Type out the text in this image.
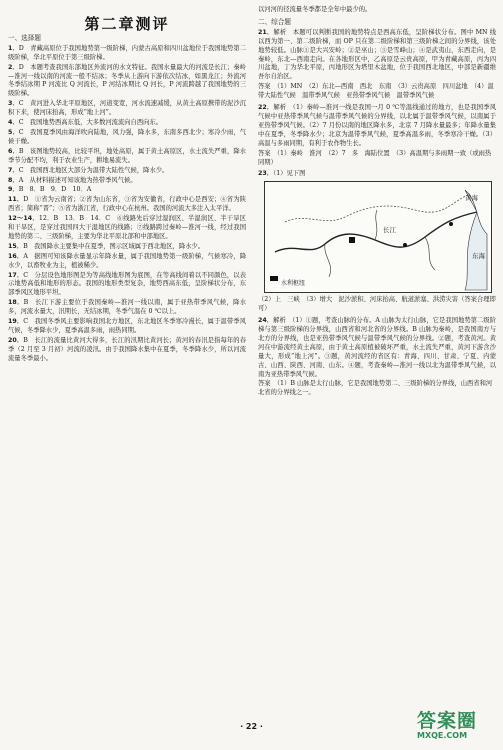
第二章测评
一、选择题
1．D　青藏高原位于我国地势第一级阶梯，内蒙古高原和四川盆地位于我国地势第二级阶梯，华北平原位于第三级阶梯。
2．D　本题考查我国东部地区外流河的水文特征。我国水量最大的河流是长江；秦岭—淮河一线以南的河流一般不结冰；冬季从上游向下游依次结冰，如黑龙江；外流河冬季结冰期 P 河流比 Q 河流长，P 河结冰期比 Q 河长，P 河流跨越了我国地势的三级阶梯。
3．C　黄河进入华北平原地区，河道变宽，河水流速减缓，从黄土高原携带的泥沙沉积下来，使河床抬高，形成“地上河”。
4．C　我国地势西高东低，大多数河流流向自西向东。
5．C　我国夏季风由海洋吹向陆地，风力强，降水多，东南多西北少；寒冷少雨，气候干燥。
6．B　该图地势较高，比较平坦，地处高原，属于黄土高原区，水土流失严重，降水季节分配不均，利于农业生产，耕地易流失。
7．C　我国西北地区大部分为温带大陆性气候，降水少。
8．A　从材料描述可知该地为热带季风气候。
9．B　8．B　9．D　10．A
11．D　①省为云南省；②省为山东省，③省为安徽省，行政中心是西安；④省为陕西省；简称“晋”；⑤省为浙江省，行政中心在杭州。我国的河流大多注入太平洋。
12～14．12．B　13．B　14．C　⑥线路先后穿过湿润区、半湿润区、半干旱区和干旱区，是穿过我国四大干湿地区的线路；⑦线路跨过秦岭—淮河一线，经过我国地势的第二、三级阶梯，主要为华北平原北部和中部地区。
15．B　我国降水主要集中在夏季，图示区域属于西北地区，降水少。
16．A　据图可知该降水量显示年降水量，属于我国地势第一级阶梯，气候寒冷，降水少，以畜牧业为主，植被稀少。
17．C　分层设色地形图是为等高线地形图为底图，在等高线间着以不同颜色，以表示地势高低和地形的形态。我国的地形类型复杂，地势西高东低，呈阶梯状分布，东部季风区地形平坦。
18．B　长江下游主要位于我国秦岭—淮河一线以南，属于亚热带季风气候，降水多，河流水量大，汛期长，无结冰期，冬季气温在 0 ℃以上。
19．C　我国冬季风主要影响我国北方地区，东北地区冬季寒冷漫长，属于温带季风气候，冬季降水少，夏季高温多雨，雨热同期。
20．B　长江的流量比黄河大得多，长江的汛期比黄河长；黄河的春汛是指每年的春季（2 月至 3 月初）河流的凌汛。由于我国降水集中在夏季，冬季降水少，所以河流流量冬季最小。
以河河的径流量冬季都是全年中最少的。
二、综合题
21．解析　本题可以判断我国的地势特点是西高东低，呈阶梯状分布。图中 MN 线以西为第一、第二级阶梯，而 OP 只在第二级阶梯和第三级阶梯之间的分界线，该处地势较低。山脉①是大兴安岭；②是巫山；③是雪峰山；④是武夷山，东西走向，是秦岭，东北—西南走向。在各地形区中，乙高原是云贵高原，甲为青藏高原，丙为四川盆地，丁为华北平原，丙地形区为塔里木盆地，位于我国西北地区，中部是新疆维吾尔自治区。
答案　（1）MN　（2）东北—西南　西北　东南　（3）云贵高原　四川盆地　（4）温带大陆性气候　温带季风气候　亚热带季风气候　温带季风气候
22．解析　（1）秦岭—淮河一线是我国一月 0 ℃等温线通过的地方，也是我国季风气候中亚热带季风气候与温带季风气候的分界线，以北属于温带季风气候，以南属于亚热带季风气候。（2）7 月份以南的地区降水多，北京 7 月降水量最多；年降水量集中在夏季，冬季降水少；北京为温带季风气候，夏季高温多雨，冬季寒冷干燥。（3）高温与多雨同期，有利于农作物生长。
答案　（1）秦岭　淮河　（2）7　多　海陆位置　（3）高温期与多雨期一致（或雨热同期）
23．（1）见下图
黄海
长江
东海
水利枢纽
（2）上　三峡　（3）增大　泥沙淤积、河床抬高、航道淤塞、洪涝灾害（答案合理即可）
24．解析　（1）①题，考查山脉的分布。A 山脉为太行山脉，它是我国地势第二级阶梯与第三级阶梯的分界线，山西省和河北省的分界线。B 山脉为秦岭，是我国南方与北方的分界线，也是亚热带季风气候与温带季风气候的分界线。②题，考查黄河。黄河在中游流经黄土高原，由于黄土高原植被破坏严重，水土流失严重，黄河下游含沙量大，形成“地上河”。③题，黄河流经的省区有：青海、四川、甘肃、宁夏、内蒙古、山西、陕西、河南、山东。④题，考查秦岭—淮河一线以北为温带季风气候，以南为亚热带季风气候。
答案　（1）B 山脉是太行山脉，它是我国地势第二、三级阶梯的分界线，山西省和河北省的分界线之一。
· 22 ·	答案圈
MXQE.COM
